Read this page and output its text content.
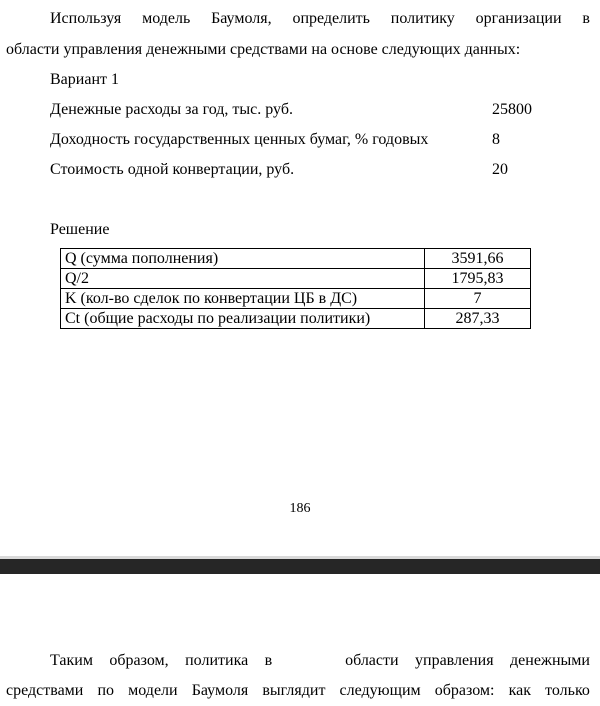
Используя модель Баумоля, определить политику организации в
области управления денежными средствами на основе следующих данных:
Вариант 1
Денежные расходы за год, тыс. руб.	25800
Доходность государственных ценных бумаг, % годовых	8
Стоимость одной конвертации, руб.	20
Решение
Q (сумма пополнения)	3591,66
Q/2	1795,83
K (кол-во сделок по конвертации ЦБ в ДС)	7
Ct (общие расходы по реализации политики)	287,33
186
Таким образом, политика в	области управления денежными
средствами по модели Баумоля выглядит следующим образом: как только
